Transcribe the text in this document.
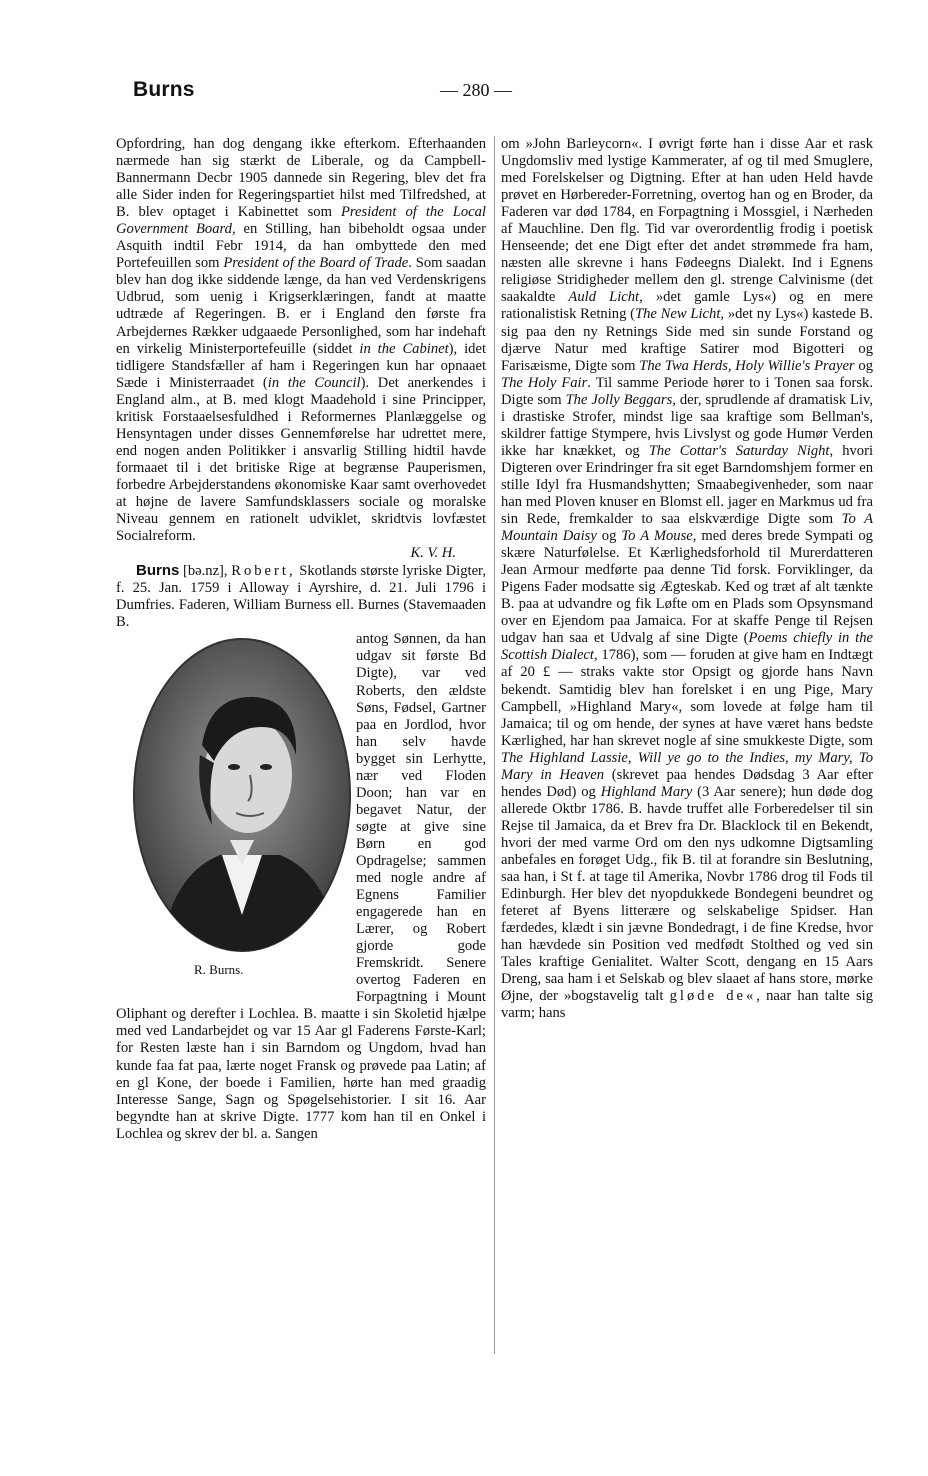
Burns	— 280 —

Opfordring, han dog dengang ikke efterkom. Efterhaanden nærmede han sig stærkt de Liberale, og da Campbell-Bannermann Decbr 1905 dannede sin Regering, blev det fra alle Sider inden for Regeringspartiet hilst med Tilfredshed, at B. blev optaget i Kabinettet som President of the Local Government Board, en Stilling, han bibeholdt ogsaa under Asquith indtil Febr 1914, da han ombyttede den med Portefeuillen som President of the Board of Trade. Som saadan blev han dog ikke siddende længe, da han ved Verdenskrigens Udbrud, som uenig i Krigserklæringen, fandt at maatte udtræde af Regeringen. B. er i England den første fra Arbejdernes Rækker udgaaede Personlighed, som har indehaft en virkelig Ministerportefeuille (siddet in the Cabinet), idet tidligere Standsfæller af ham i Regeringen kun har opnaaet Sæde i Ministerraadet (in the Council). Det anerkendes i England alm., at B. med klogt Maadehold i sine Principper, kritisk Forstaaelsesfuldhed i Reformernes Planlæggelse og Hensyntagen under disses Gennemførelse har udrettet mere, end nogen anden Politikker i ansvarlig Stilling hidtil havde formaaet til i det britiske Rige at begrænse Pauperismen, forbedre Arbejderstandens økonomiske Kaar samt overhovedet at højne de lavere Samfundsklassers sociale og moralske Niveau gennem en rationelt udviklet, skridtvis lovfæstet Socialreform.

K. V. H.

Burns [bə.nz], Robert, Skotlands største lyriske Digter, f. 25. Jan. 1759 i Alloway i Ayrshire, d. 21. Juli 1796 i Dumfries. Faderen, William Burness ell. Burnes (Stavemaaden B.

R. Burns.

antog Sønnen, da han udgav sit første Bd Digte), var ved Roberts, den ældste Søns, Fødsel, Gartner paa en Jordlod, hvor han selv havde bygget sin Lerhytte, nær ved Floden Doon; han var en begavet Natur, der søgte at give sine Børn en god Opdragelse; sammen med nogle andre af Egnens Familier engagerede han en Lærer, og Robert gjorde gode Fremskridt. Senere overtog Faderen en Forpagtning i Mount Oliphant og derefter i Lochlea. B. maatte i sin Skoletid hjælpe med ved Landarbejdet og var 15 Aar gl Faderens Første-Karl; for Resten læste han i sin Barndom og Ungdom, hvad han kunde faa fat paa, lærte noget Fransk og prøvede paa Latin; af en gl Kone, der boede i Familien, hørte han med graadig Interesse Sange, Sagn og Spøgelsehistorier. I sit 16. Aar begyndte han at skrive Digte. 1777 kom han til en Onkel i Lochlea og skrev der bl. a. Sangen

om »John Barleycorn«. I øvrigt førte han i disse Aar et rask Ungdomsliv med lystige Kammerater, af og til med Smuglere, med Forelskelser og Digtning. Efter at han uden Held havde prøvet en Hørbereder-Forretning, overtog han og en Broder, da Faderen var død 1784, en Forpagtning i Mossgiel, i Nærheden af Mauchline. Den flg. Tid var overordentlig frodig i poetisk Henseende; det ene Digt efter det andet strømmede fra ham, næsten alle skrevne i hans Fødeegns Dialekt. Ind i Egnens religiøse Stridigheder mellem den gl. strenge Calvinisme (det saakaldte Auld Licht, »det gamle Lys«) og en mere rationalistisk Retning (The New Licht, »det ny Lys«) kastede B. sig paa den ny Retnings Side med sin sunde Forstand og djærve Natur med kraftige Satirer mod Bigotteri og Farisæisme, Digte som The Twa Herds, Holy Willie's Prayer og The Holy Fair. Til samme Periode hører to i Tonen saa forsk. Digte som The Jolly Beggars, der, sprudlende af dramatisk Liv, i drastiske Strofer, mindst lige saa kraftige som Bellman's, skildrer fattige Stympere, hvis Livslyst og gode Humør Verden ikke har knækket, og The Cottar's Saturday Night, hvori Digteren over Erindringer fra sit eget Barndomshjem former en stille Idyl fra Husmandshytten; Smaabegivenheder, som naar han med Ploven knuser en Blomst ell. jager en Markmus ud fra sin Rede, fremkalder to saa elskværdige Digte som To A Mountain Daisy og To A Mouse, med deres brede Sympati og skære Naturfølelse. Et Kærlighedsforhold til Murerdatteren Jean Armour medførte paa denne Tid forsk. Forviklinger, da Pigens Fader modsatte sig Ægteskab. Ked og træt af alt tænkte B. paa at udvandre og fik Løfte om en Plads som Opsynsmand over en Ejendom paa Jamaica. For at skaffe Penge til Rejsen udgav han saa et Udvalg af sine Digte (Poems chiefly in the Scottish Dialect, 1786), som — foruden at give ham en Indtægt af 20 £ — straks vakte stor Opsigt og gjorde hans Navn bekendt. Samtidig blev han forelsket i en ung Pige, Mary Campbell, »Highland Mary«, som lovede at følge ham til Jamaica; til og om hende, der synes at have været hans bedste Kærlighed, har han skrevet nogle af sine smukkeste Digte, som The Highland Lassie, Will ye go to the Indies, my Mary, To Mary in Heaven (skrevet paa hendes Dødsdag 3 Aar efter hendes Død) og Highland Mary (3 Aar senere); hun døde dog allerede Oktbr 1786. B. havde truffet alle Forberedelser til sin Rejse til Jamaica, da et Brev fra Dr. Blacklock til en Bekendt, hvori der med varme Ord om den nys udkomne Digtsamling anbefales en forøget Udg., fik B. til at forandre sin Beslutning, saa han, i St f. at tage til Amerika, Novbr 1786 drog til Fods til Edinburgh. Her blev det nyopdukkede Bondegeni beundret og feteret af Byens litterære og selskabelige Spidser. Han færdedes, klædt i sin jævne Bondedragt, i de fine Kredse, hvor han hævdede sin Position ved medfødt Stolthed og ved sin Tales kraftige Genialitet. Walter Scott, dengang en 15 Aars Dreng, saa ham i et Selskab og blev slaaet af hans store, mørke Øjne, der »bogstavelig talt gløde de«, naar han talte sig varm; hans
